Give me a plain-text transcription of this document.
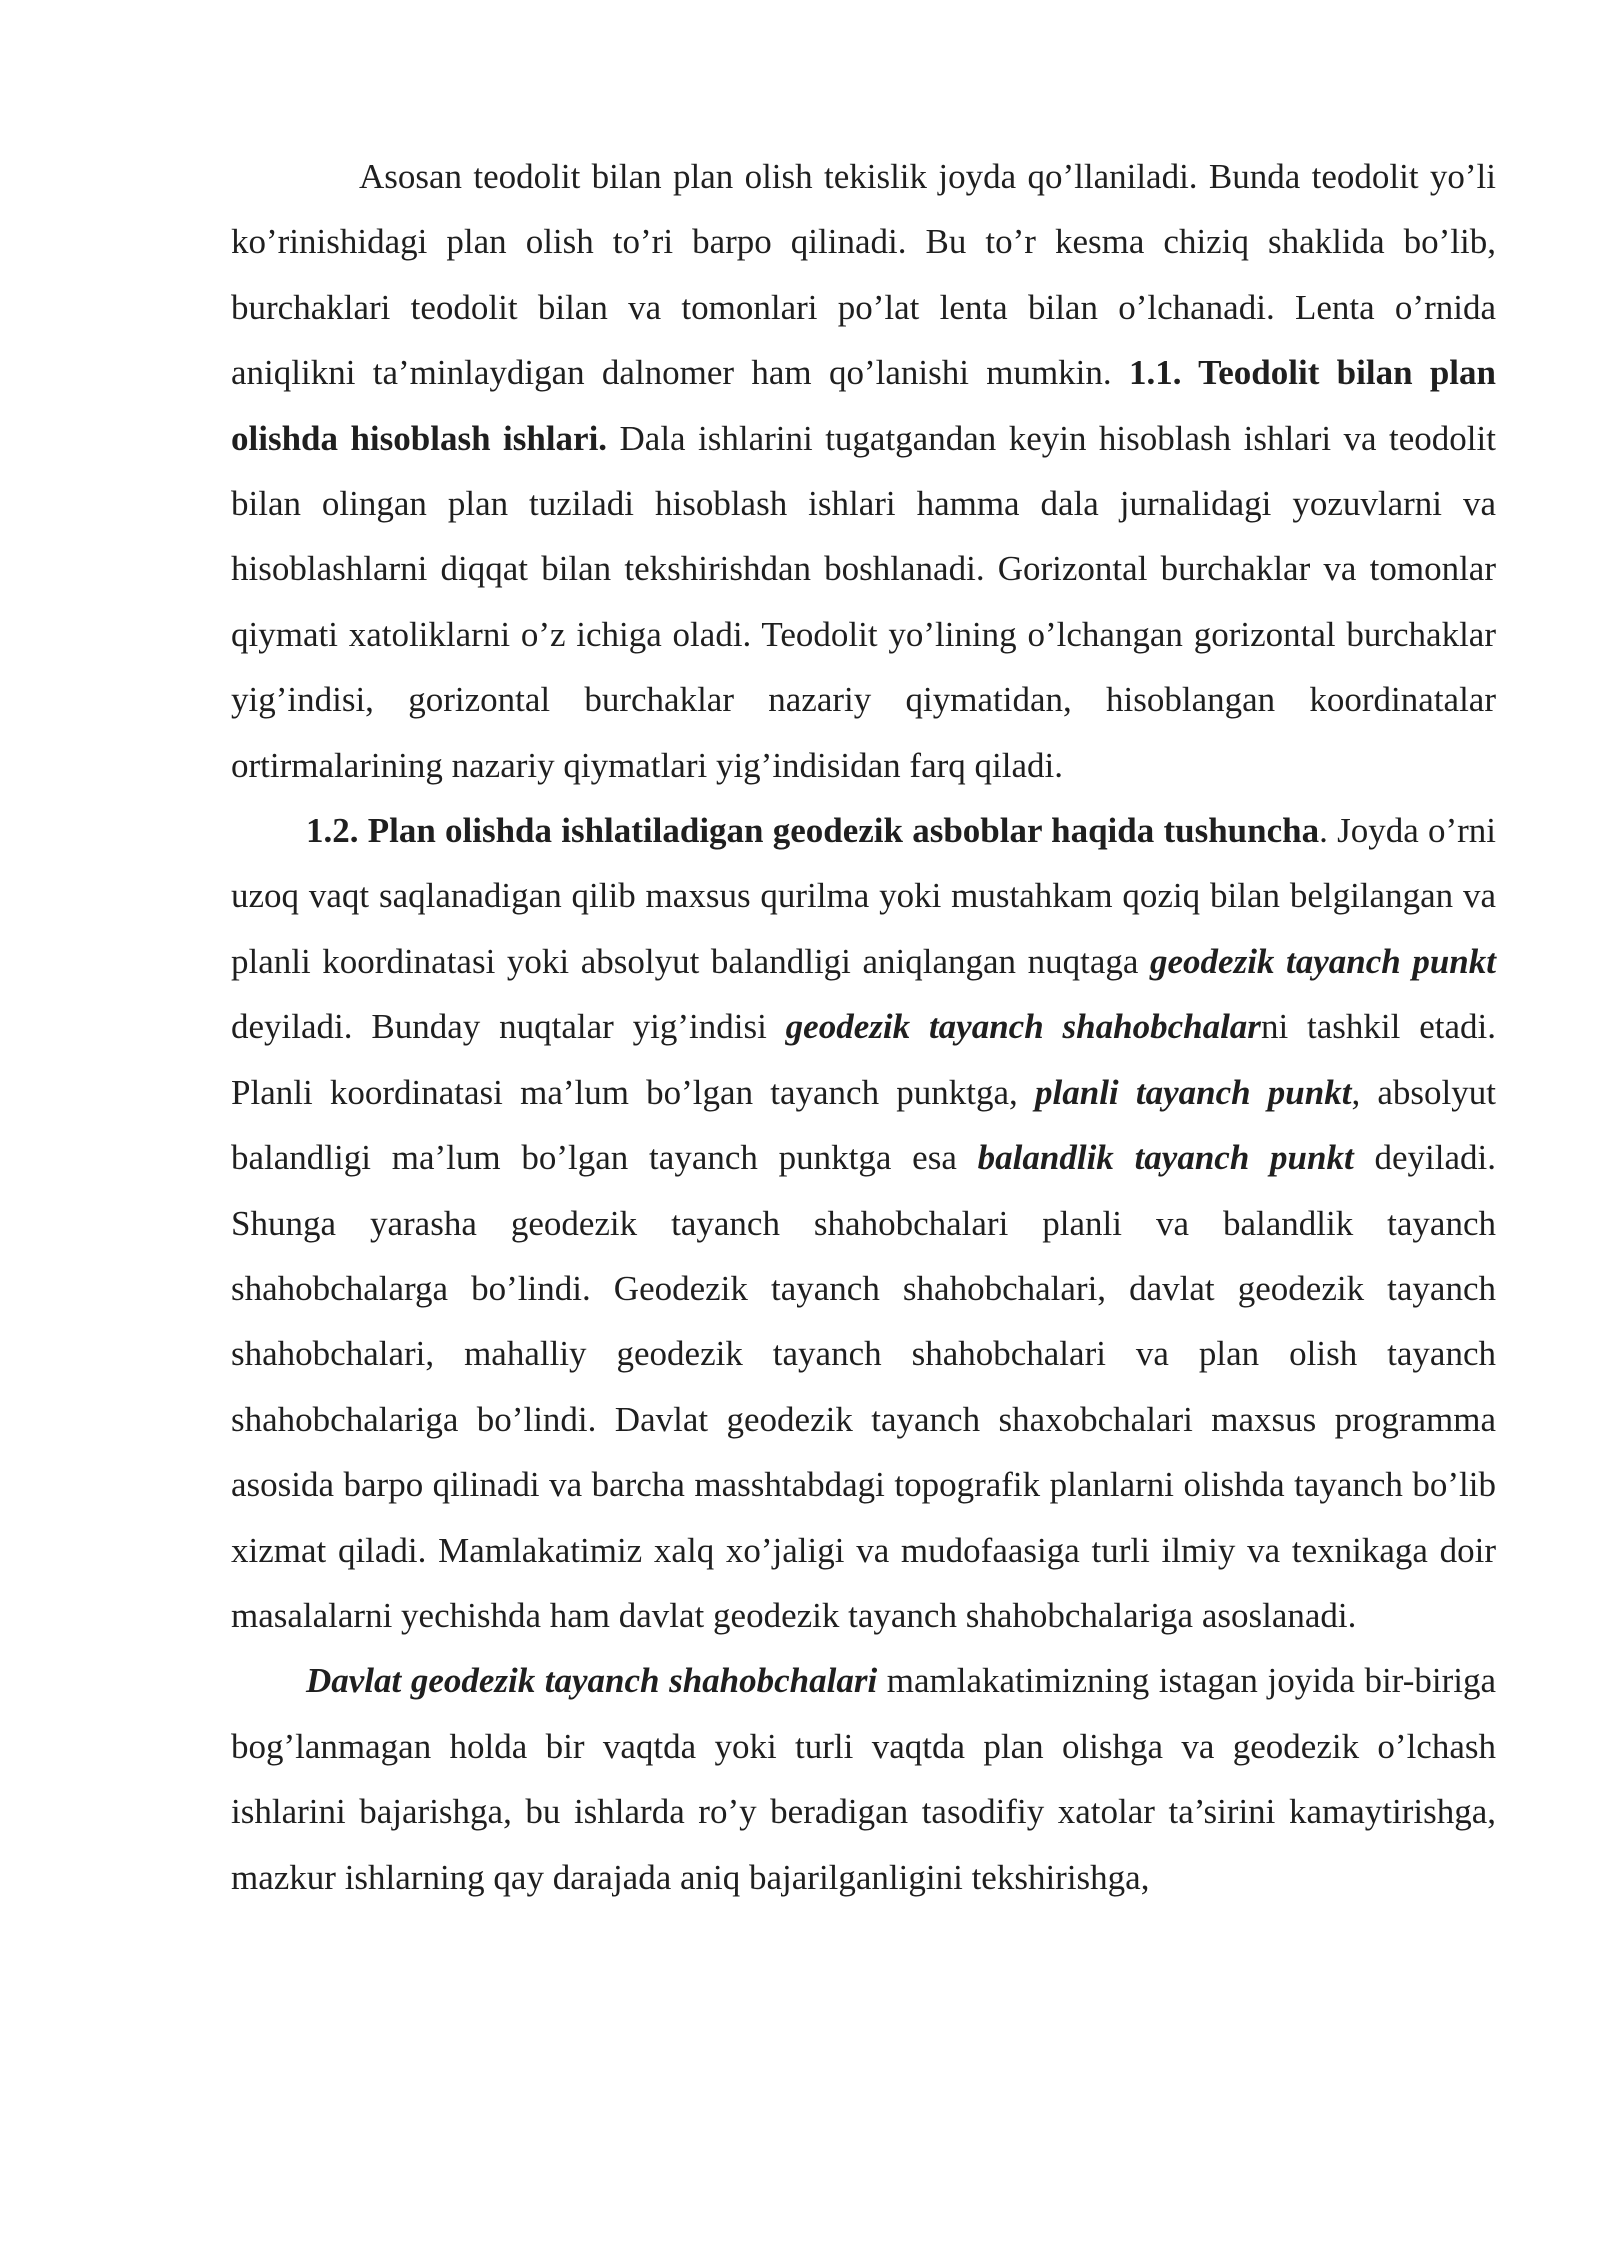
Asosan teodolit bilan plan olish tekislik joyda qo’llaniladi. Bunda teodolit yo’li ko’rinishidagi plan olish to’ri barpo qilinadi. Bu to’r kesma chiziq shaklida bo’lib, burchaklari teodolit bilan va tomonlari po’lat lenta bilan o’lchanadi. Lenta o’rnida aniqlikni ta’minlaydigan dalnomer ham qo’lanishi mumkin. 1.1. Teodolit bilan plan olishda hisoblash ishlari. Dala ishlarini tugatgandan keyin hisoblash ishlari va teodolit bilan olingan plan tuziladi hisoblash ishlari hamma dala jurnalidagi yozuvlarni va hisoblashlarni diqqat bilan tekshirishdan boshlanadi. Gorizontal burchaklar va tomonlar qiymati xatoliklarni o’z ichiga oladi. Teodolit yo’lining o’lchangan gorizontal burchaklar yig’indisi, gorizontal burchaklar nazariy qiymatidan, hisoblangan koordinatalar ortirmalarining nazariy qiymatlari yig’indisidan farq qiladi.

1.2. Plan olishda ishlatiladigan geodezik asboblar haqida tushuncha. Joyda o’rni uzoq vaqt saqlanadigan qilib maxsus qurilma yoki mustahkam qoziq bilan belgilangan va planli koordinatasi yoki absolyut balandligi aniqlangan nuqtaga geodezik tayanch punkt deyiladi. Bunday nuqtalar yig’indisi geodezik tayanch shahobchalarni tashkil etadi. Planli koordinatasi ma’lum bo’lgan tayanch punktga, planli tayanch punkt, absolyut balandligi ma’lum bo’lgan tayanch punktga esa balandlik tayanch punkt deyiladi. Shunga yarasha geodezik tayanch shahobchalari planli va balandlik tayanch shahobchalarga bo’lindi. Geodezik tayanch shahobchalari, davlat geodezik tayanch shahobchalari, mahalliy geodezik tayanch shahobchalari va plan olish tayanch shahobchalariga bo’lindi. Davlat geodezik tayanch shaxobchalari maxsus programma asosida barpo qilinadi va barcha masshtabdagi topografik planlarni olishda tayanch bo’lib xizmat qiladi. Mamlakatimiz xalq xo’jaligi va mudofaasiga turli ilmiy va texnikaga doir masalalarni yechishda ham davlat geodezik tayanch shahobchalariga asoslanadi.

Davlat geodezik tayanch shahobchalari mamlakatimizning istagan joyida bir-biriga bog’lanmagan holda bir vaqtda yoki turli vaqtda plan olishga va geodezik o’lchash ishlarini bajarishga, bu ishlarda ro’y beradigan tasodifiy xatolar ta’sirini kamaytirishga, mazkur ishlarning qay darajada aniq bajarilganligini tekshirishga,
